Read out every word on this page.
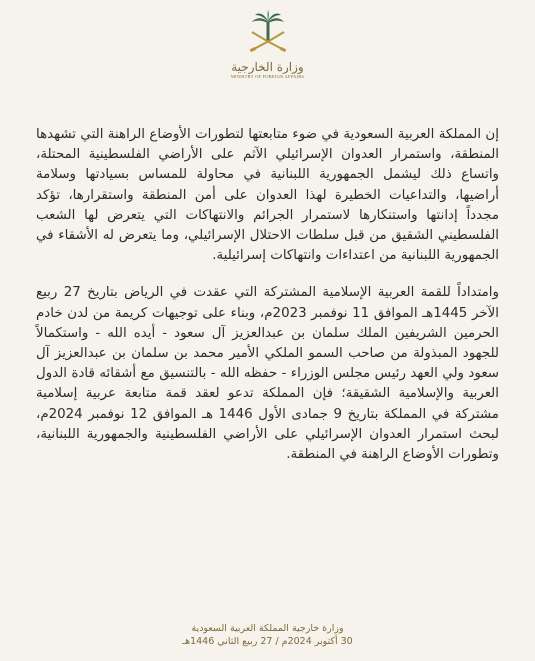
وزارة الخارجية
MINISTRY OF FOREIGN AFFAIRS

إن المملكة العربية السعودية في ضوء متابعتها لتطورات الأوضاع الراهنة التي تشهدها المنطقة، واستمرار العدوان الإسرائيلي الآثم على الأراضي الفلسطينية المحتلة، واتساع ذلك ليشمل الجمهورية اللبنانية في محاولة للمساس بسيادتها وسلامة أراضيها، والتداعيات الخطيرة لهذا العدوان على أمن المنطقة واستقرارها، تؤكد مجدداً إدانتها واستنكارها لاستمرار الجرائم والانتهاكات التي يتعرض لها الشعب الفلسطيني الشقيق من قبل سلطات الاحتلال الإسرائيلي، وما يتعرض له الأشقاء في الجمهورية اللبنانية من اعتداءات وانتهاكات إسرائيلية.

وامتداداً للقمة العربية الإسلامية المشتركة التي عقدت في الرياض بتاريخ 27 ربيع الآخر 1445هـ الموافق 11 نوفمبر 2023م، وبناء على توجيهات كريمة من لدن خادم الحرمين الشريفين الملك سلمان بن عبدالعزيز آل سعود - أيده الله - واستكمالاً للجهود المبذولة من صاحب السمو الملكي الأمير محمد بن سلمان بن عبدالعزيز آل سعود ولي العهد رئيس مجلس الوزراء - حفظه الله - بالتنسيق مع أشقائه قادة الدول العربية والإسلامية الشقيقة؛ فإن المملكة تدعو لعقد قمة متابعة عربية إسلامية مشتركة في المملكة بتاريخ 9 جمادى الأول 1446 هـ الموافق 12 نوفمبر 2024م، لبحث استمرار العدوان الإسرائيلي على الأراضي الفلسطينية والجمهورية اللبنانية، وتطورات الأوضاع الراهنة في المنطقة.

وزارة خارجية المملكة العربية السعودية
30 أكتوبر 2024م / 27 ربيع الثاني 1446هـ
